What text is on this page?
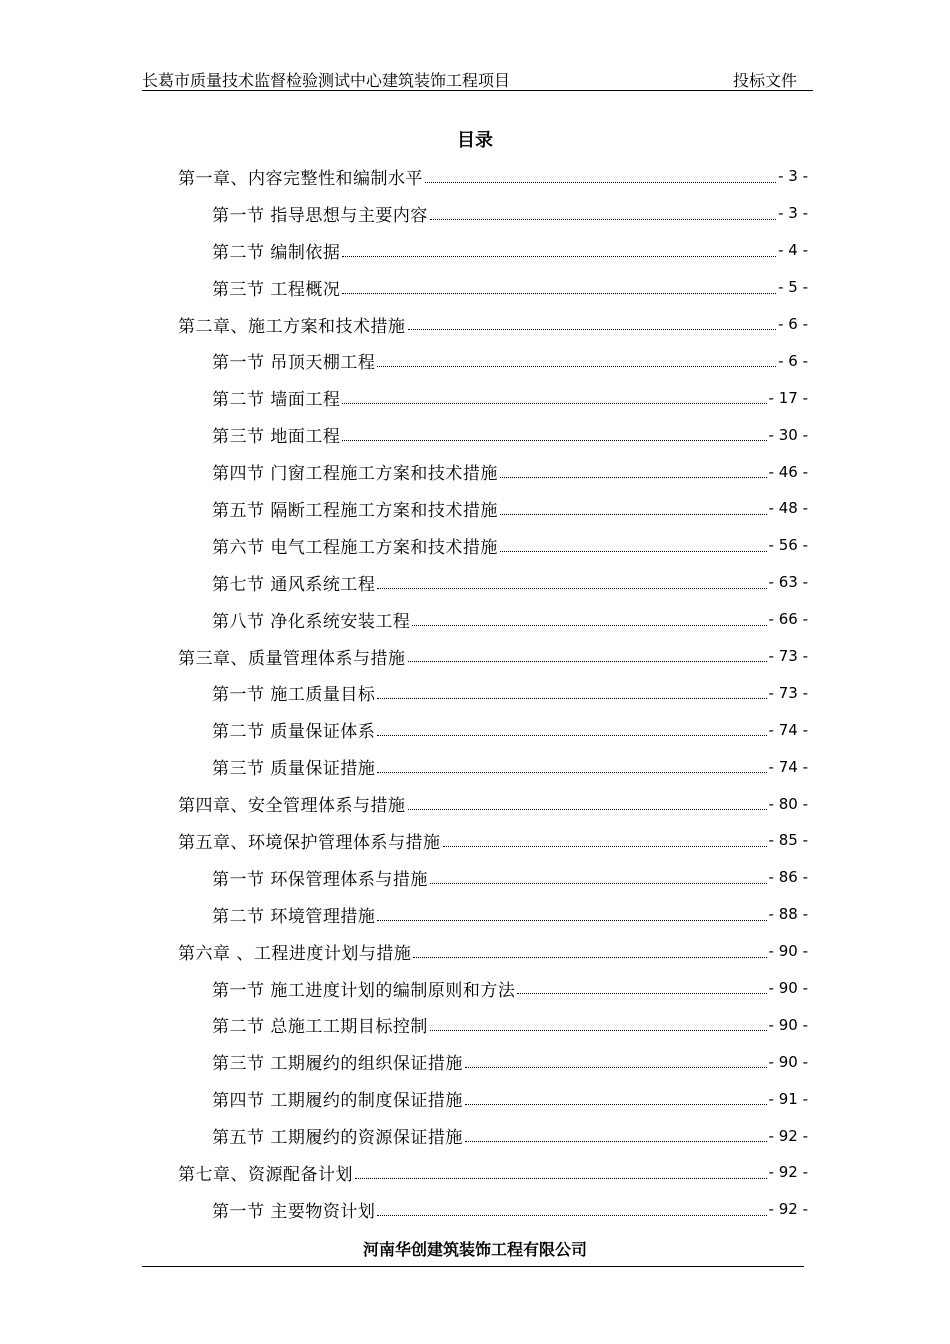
长葛市质量技术监督检验测试中心建筑装饰工程项目	投标文件
目录
第一章、内容完整性和编制水平	- 3 -
第一节 指导思想与主要内容	- 3 -
第二节 编制依据	- 4 -
第三节 工程概况	- 5 -
第二章、施工方案和技术措施	- 6 -
第一节 吊顶天棚工程	- 6 -
第二节 墙面工程	- 17 -
第三节 地面工程	- 30 -
第四节 门窗工程施工方案和技术措施	- 46 -
第五节 隔断工程施工方案和技术措施	- 48 -
第六节 电气工程施工方案和技术措施	- 56 -
第七节 通风系统工程	- 63 -
第八节 净化系统安装工程	- 66 -
第三章、质量管理体系与措施	- 73 -
第一节 施工质量目标	- 73 -
第二节 质量保证体系	- 74 -
第三节 质量保证措施	- 74 -
第四章、安全管理体系与措施	- 80 -
第五章、环境保护管理体系与措施	- 85 -
第一节 环保管理体系与措施	- 86 -
第二节 环境管理措施	- 88 -
第六章 、工程进度计划与措施	- 90 -
第一节 施工进度计划的编制原则和方法	- 90 -
第二节 总施工工期目标控制	- 90 -
第三节 工期履约的组织保证措施	- 90 -
第四节 工期履约的制度保证措施	- 91 -
第五节 工期履约的资源保证措施	- 92 -
第七章、资源配备计划	- 92 -
第一节 主要物资计划	- 92 -
河南华创建筑装饰工程有限公司
